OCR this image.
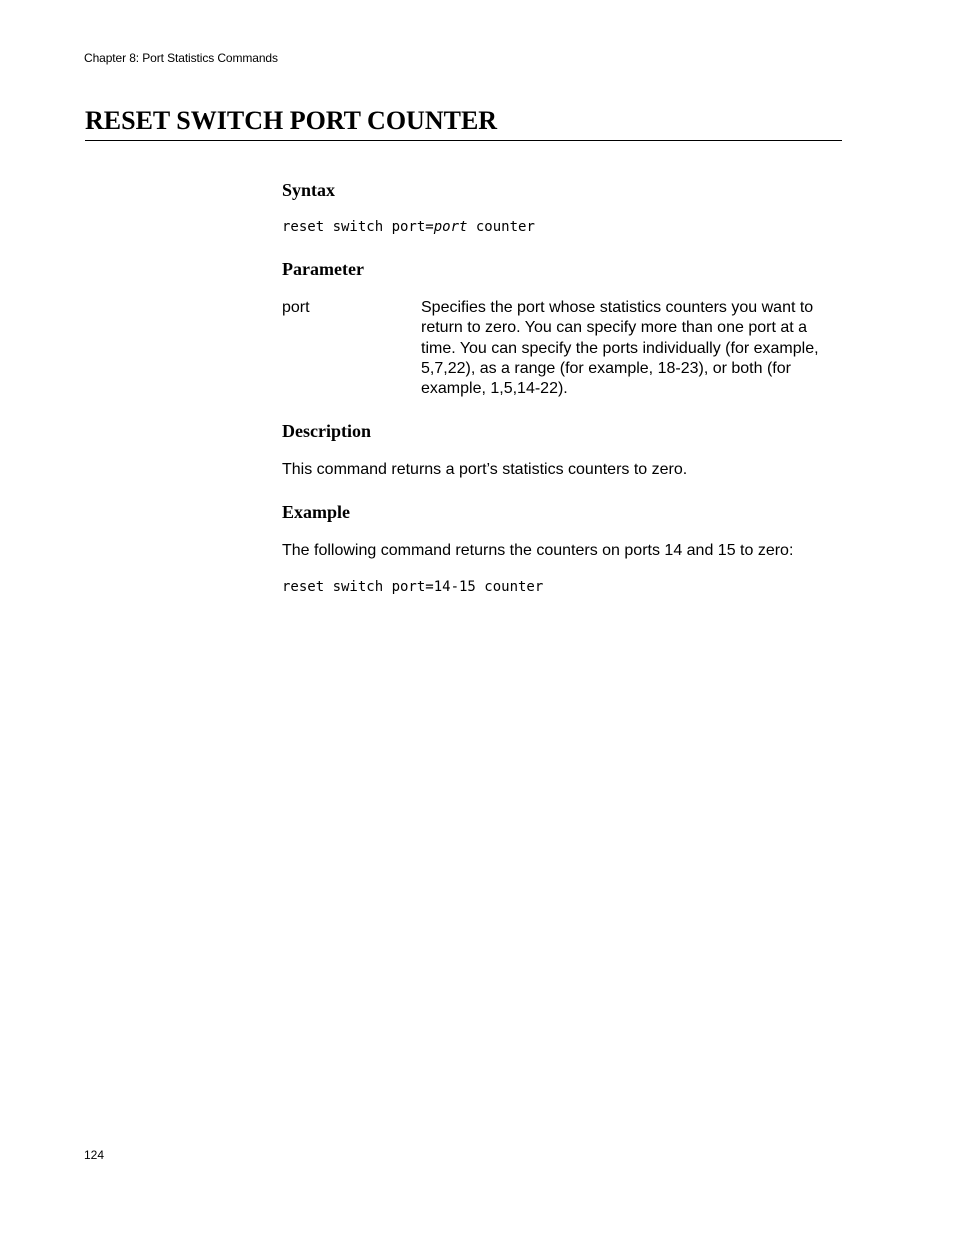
Chapter 8: Port Statistics Commands
RESET SWITCH PORT COUNTER
Syntax
reset switch port=port counter
Parameter
port	Specifies the port whose statistics counters you want to return to zero. You can specify more than one port at a time. You can specify the ports individually (for example, 5,7,22), as a range (for example, 18-23), or both (for example, 1,5,14-22).
Description
This command returns a port’s statistics counters to zero.
Example
The following command returns the counters on ports 14 and 15 to zero:
reset switch port=14-15 counter
124
